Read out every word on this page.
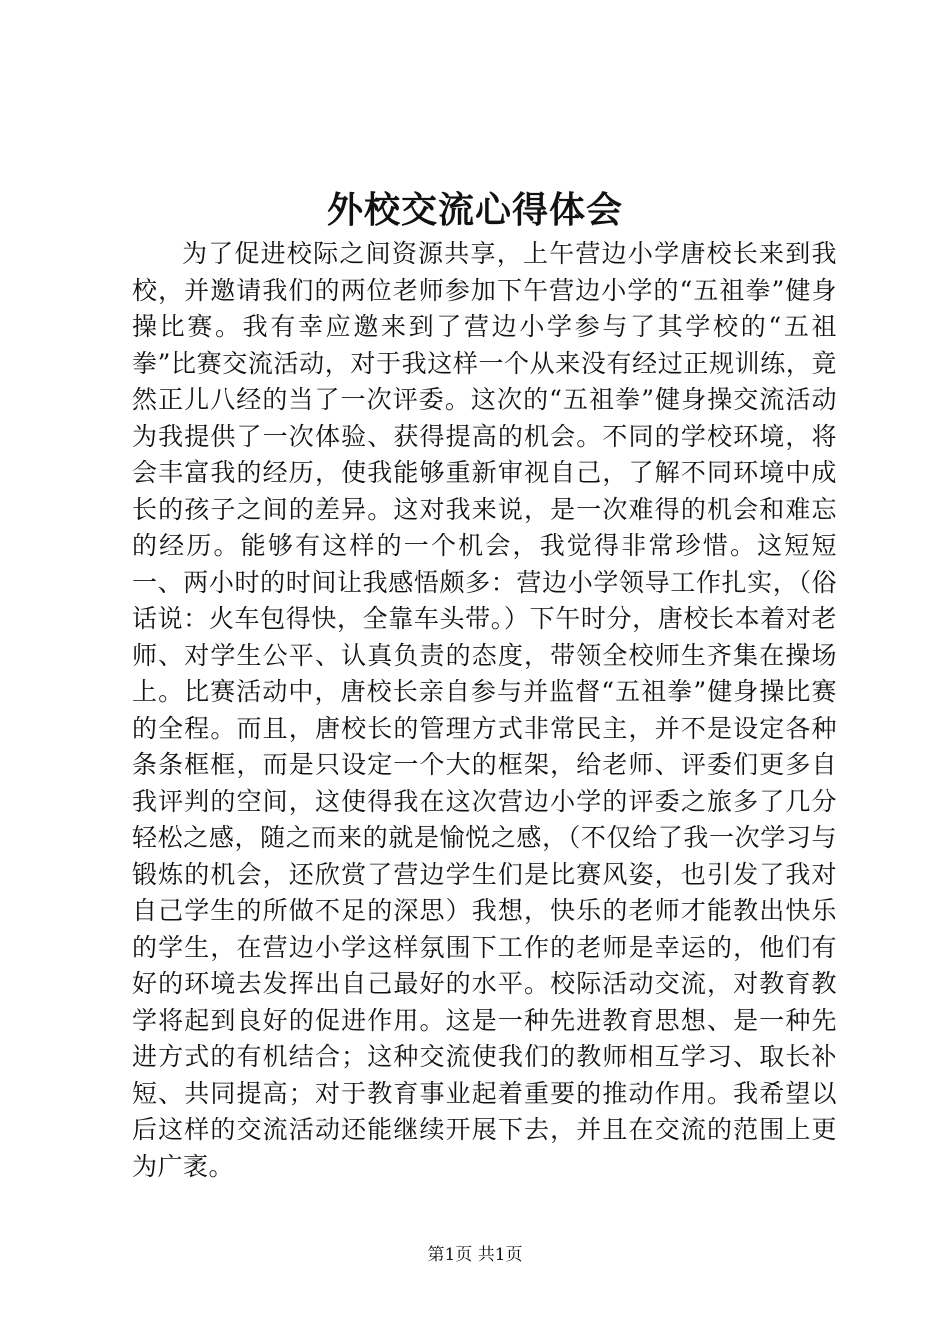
外校交流心得体会

为了促进校际之间资源共享，上午营边小学唐校长来到我校，并邀请我们的两位老师参加下午营边小学的“五祖拳”健身操比赛。我有幸应邀来到了营边小学参与了其学校的“五祖拳”比赛交流活动，对于我这样一个从来没有经过正规训练，竟然正儿八经的当了一次评委。这次的“五祖拳”健身操交流活动为我提供了一次体验、获得提高的机会。不同的学校环境，将会丰富我的经历，使我能够重新审视自己，了解不同环境中成长的孩子之间的差异。这对我来说，是一次难得的机会和难忘的经历。能够有这样的一个机会，我觉得非常珍惜。这短短一、两小时的时间让我感悟颇多：营边小学领导工作扎实，（俗话说：火车包得快，全靠车头带。）下午时分，唐校长本着对老师、对学生公平、认真负责的态度，带领全校师生齐集在操场上。比赛活动中，唐校长亲自参与并监督“五祖拳”健身操比赛的全程。而且，唐校长的管理方式非常民主，并不是设定各种条条框框，而是只设定一个大的框架，给老师、评委们更多自我评判的空间，这使得我在这次营边小学的评委之旅多了几分轻松之感，随之而来的就是愉悦之感，（不仅给了我一次学习与锻炼的机会，还欣赏了营边学生们是比赛风姿，也引发了我对自己学生的所做不足的深思）我想，快乐的老师才能教出快乐的学生，在营边小学这样氛围下工作的老师是幸运的，他们有好的环境去发挥出自己最好的水平。校际活动交流，对教育教学将起到良好的促进作用。这是一种先进教育思想、是一种先进方式的有机结合；这种交流使我们的教师相互学习、取长补短、共同提高；对于教育事业起着重要的推动作用。我希望以后这样的交流活动还能继续开展下去，并且在交流的范围上更为广袤。

第1页 共1页
